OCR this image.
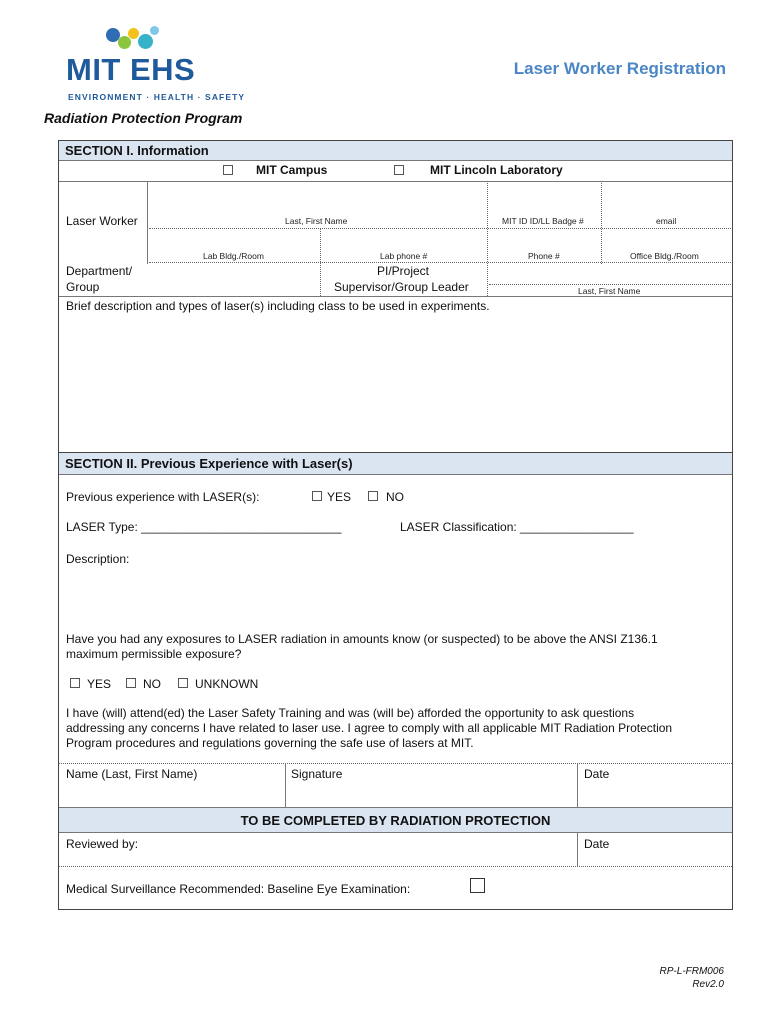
MIT EHS
ENVIRONMENT · HEALTH · SAFETY
Laser Worker Registration
Radiation Protection Program
SECTION I. Information
MIT Campus	MIT Lincoln Laboratory
Laser Worker	Last, First Name	MIT ID ID/LL Badge #	email
Lab Bldg./Room	Lab phone #	Phone #	Office Bldg./Room
Department/
Group
PI/Project
Supervisor/Group Leader	Last, First Name
Brief description and types of laser(s) including class to be used in experiments.
SECTION II. Previous Experience with Laser(s)
Previous experience with LASER(s):	YES	NO
LASER Type: ______________________________	LASER Classification: _________________
Description:
Have you had any exposures to LASER radiation in amounts know (or suspected) to be above the ANSI Z136.1
maximum permissible exposure?
YES	NO	UNKNOWN
I have (will) attend(ed) the Laser Safety Training and was (will be) afforded the opportunity to ask questions
addressing any concerns I have related to laser use. I agree to comply with all applicable MIT Radiation Protection
Program procedures and regulations governing the safe use of lasers at MIT.
Name (Last, First Name)	Signature	Date
TO BE COMPLETED BY RADIATION PROTECTION
Reviewed by:	Date
Medical Surveillance Recommended: Baseline Eye Examination:
RP-L-FRM006
Rev2.0
